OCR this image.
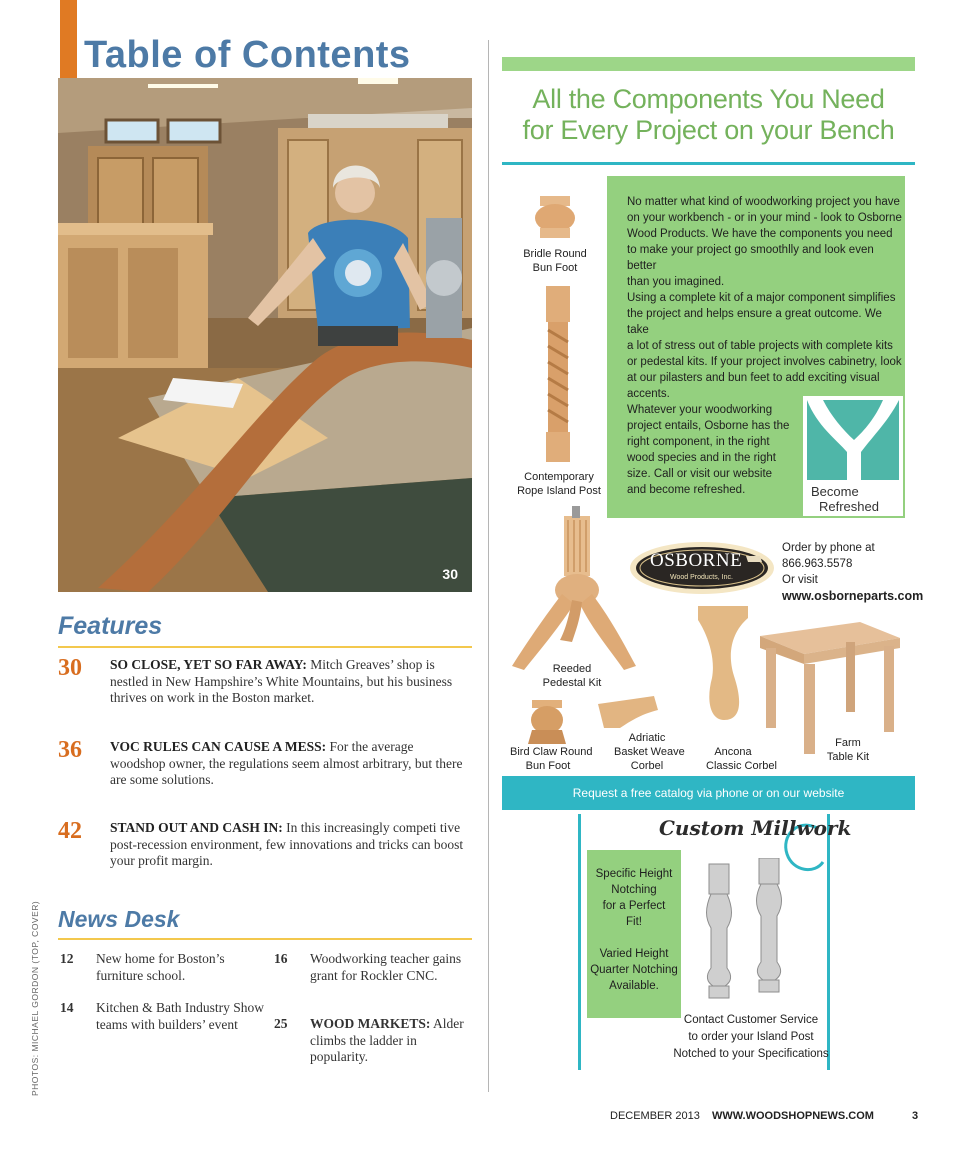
Table of Contents
30
Features
30 SO CLOSE, YET SO FAR AWAY: Mitch Greaves’ shop is nestled in New Hampshire’s White Mountains, but his business thrives on work in the Boston market.
36 VOC RULES CAN CAUSE A MESS: For the average woodshop owner, the regulations seem almost arbitrary, but there are some solutions.
42 STAND OUT AND CASH IN: In this increasingly competi tive post-recession environment, few innovations and tricks can boost your profit margin.
News Desk
12 New home for Boston’s furniture school.
14 Kitchen & Bath Industry Show teams with builders’ event
16 Woodworking teacher gains grant for Rockler CNC.
25 WOOD MARKETS: Alder climbs the ladder in popularity.
PHOTOS: MICHAEL GORDON (TOP, COVER)
All the Components You Need
for Every Project on your Bench
Bridle Round
Bun Foot
Contemporary
Rope Island Post
Reeded
Pedestal Kit
Bird Claw Round
Bun Foot
Adriatic
Basket Weave
Corbel
Ancona
Classic Corbel
Farm
Table Kit
No matter what kind of woodworking project you have
on your workbench - or in your mind - look to Osborne
Wood Products. We have the components you need
to make your project go smoothlly and look even better
than you imagined.
Using a complete kit of a major component simplifies
the project and helps ensure a great outcome. We take
a lot of stress out of table projects with complete kits
or pedestal kits. If your project involves cabinetry, look
at our pilasters and bun feet to add exciting visual
accents.
Whatever your woodworking
project entails, Osborne has the
right component, in the right
wood species and in the right
size. Call or visit our website
and become refreshed.	Become
Refreshed
OSBORNE
Wood Products, Inc.
Order by phone at
866.963.5578
Or visit
www.osborneparts.com
Request a free catalog via phone or on our website
Custom Millwork
Specific Height
Notching
for a Perfect
Fit!
Varied Height
Quarter Notching
Available.
Contact Customer Service
to order your Island Post
Notched to your Specifications
DECEMBER 2013 WWW.WOODSHOPNEWS.COM	3
